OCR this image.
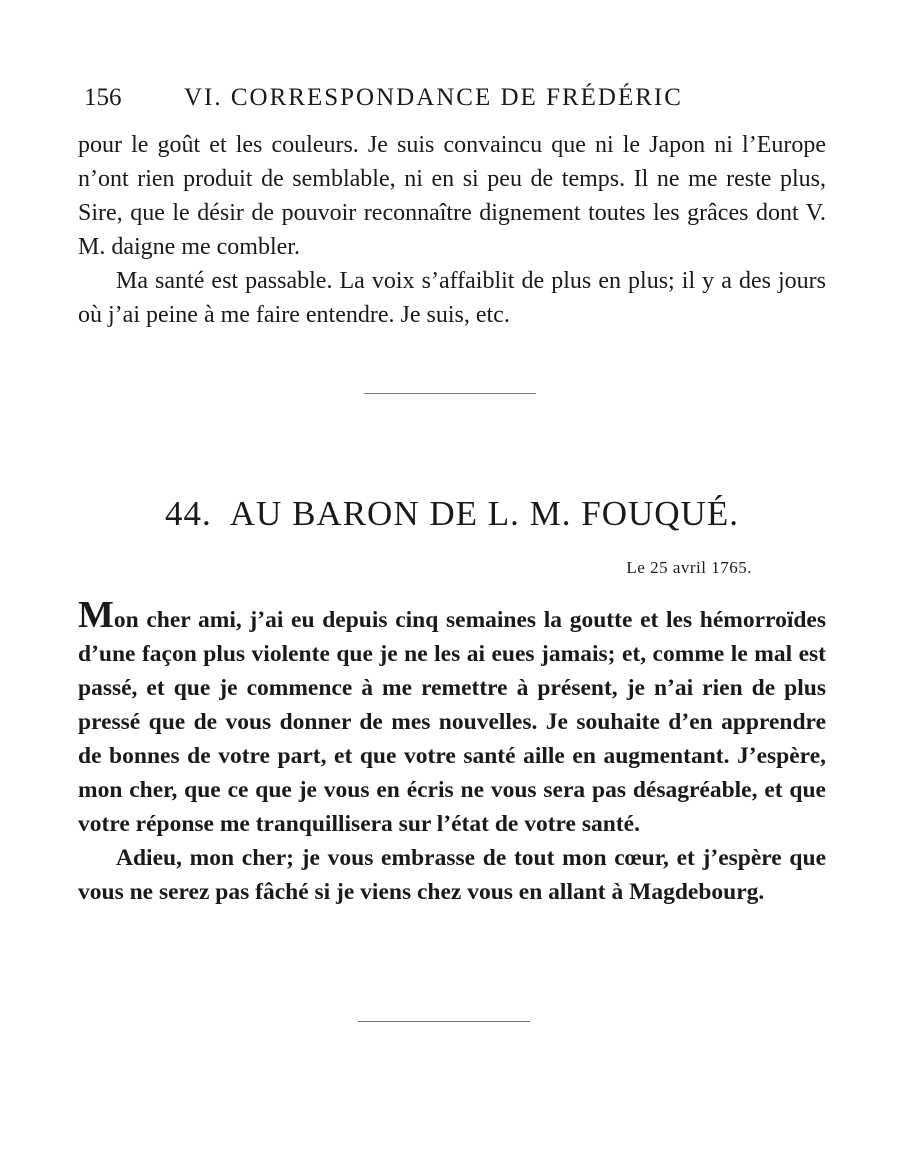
156	VI. CORRESPONDANCE DE FRÉDÉRIC

pour le goût et les couleurs. Je suis convaincu que ni le Japon ni l’Europe n’ont rien produit de semblable, ni en si peu de temps. Il ne me reste plus, Sire, que le désir de pouvoir reconnaître dignement toutes les grâces dont V. M. daigne me combler.

Ma santé est passable. La voix s’affaiblit de plus en plus; il y a des jours où j’ai peine à me faire entendre. Je suis, etc.

44. AU BARON DE L. M. FOUQUÉ.
Le 25 avril 1765.

Mon cher ami, j’ai eu depuis cinq semaines la goutte et les hémorroïdes d’une façon plus violente que je ne les ai eues jamais; et, comme le mal est passé, et que je commence à me remettre à présent, je n’ai rien de plus pressé que de vous donner de mes nouvelles. Je souhaite d’en apprendre de bonnes de votre part, et que votre santé aille en augmentant. J’espère, mon cher, que ce que je vous en écris ne vous sera pas désagréable, et que votre réponse me tranquillisera sur l’état de votre santé.

Adieu, mon cher; je vous embrasse de tout mon cœur, et j’espère que vous ne serez pas fâché si je viens chez vous en allant à Magdebourg.
